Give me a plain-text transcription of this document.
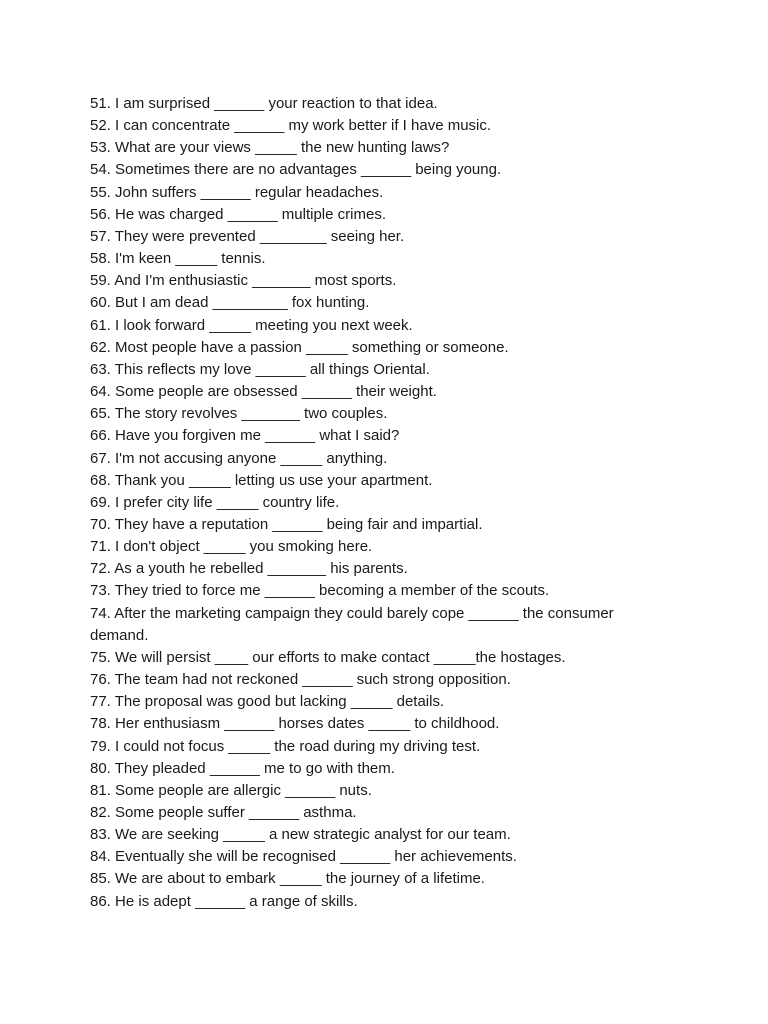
51. I am surprised ______ your reaction to that idea.
52. I can concentrate ______ my work better if I have music.
53. What are your views _____ the new hunting laws?
54. Sometimes there are no advantages ______ being young.
55. John suffers ______ regular headaches.
56. He was charged ______ multiple crimes.
57. They were prevented ________ seeing her.
58. I'm keen _____ tennis.
59. And I'm enthusiastic _______ most sports.
60. But I am dead _________ fox hunting.
61. I look forward _____ meeting you next week.
62. Most people have a passion _____ something or someone.
63. This reflects my love ______ all things Oriental.
64. Some people are obsessed ______ their weight.
65. The story revolves _______ two couples.
66. Have you forgiven me ______ what I said?
67. I'm not accusing anyone _____ anything.
68. Thank you _____ letting us use your apartment.
69. I prefer city life _____ country life.
70. They have a reputation ______ being fair and impartial.
71. I don't object _____ you smoking here.
72. As a youth he rebelled _______ his parents.
73. They tried to force me ______ becoming a member of the scouts.
74. After the marketing campaign they could barely cope ______ the consumer
demand.
75. We will persist ____ our efforts to make contact _____the hostages.
76. The team had not reckoned ______ such strong opposition.
77. The proposal was good but lacking _____ details.
78. Her enthusiasm ______ horses dates _____ to childhood.
79. I could not focus _____ the road during my driving test.
80. They pleaded ______ me to go with them.
81. Some people are allergic ______ nuts.
82. Some people suffer ______ asthma.
83. We are seeking _____ a new strategic analyst for our team.
84. Eventually she will be recognised ______ her achievements.
85. We are about to embark _____ the journey of a lifetime.
86. He is adept ______ a range of skills.
